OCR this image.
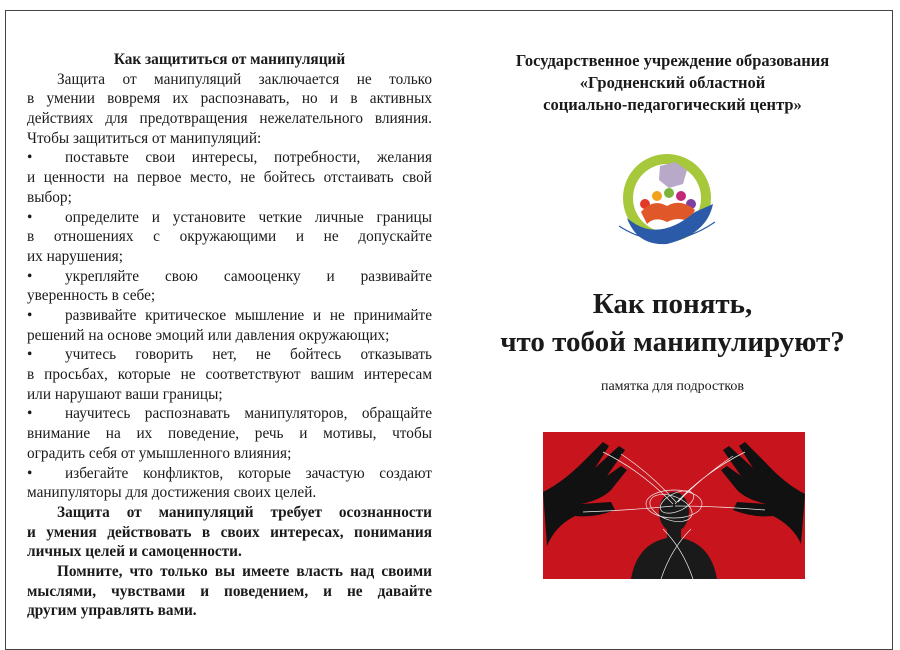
Как защититься от манипуляций
Защита от манипуляций заключается не только
в умении вовремя их распознавать, но и в активных
действиях для предотвращения нежелательного влияния.
Чтобы защититься от манипуляций:
•	поставьте свои интересы, потребности, желания
и ценности на первое место, не бойтесь отстаивать свой
выбор;
•	определите и установите четкие личные границы
в отношениях с окружающими и не допускайте
их нарушения;
•	укрепляйте свою самооценку и развивайте
уверенность в себе;
•	развивайте критическое мышление и не принимайте
решений на основе эмоций или давления окружающих;
•	учитесь говорить нет, не бойтесь отказывать
в просьбах, которые не соответствуют вашим интересам
или нарушают ваши границы;
•	научитесь распознавать манипуляторов, обращайте
внимание на их поведение, речь и мотивы, чтобы
оградить себя от умышленного влияния;
•	избегайте конфликтов, которые зачастую создают
манипуляторы для достижения своих целей.
Защита от манипуляций требует осознанности
и умения действовать в своих интересах, понимания
личных целей и самоценности.
Помните, что только вы имеете власть над своими
мыслями, чувствами и поведением, и не давайте
другим управлять вами.
Государственное учреждение образования
«Гродненский областной
социально-педагогический центр»
Как понять,
что тобой манипулируют?
памятка для подростков
